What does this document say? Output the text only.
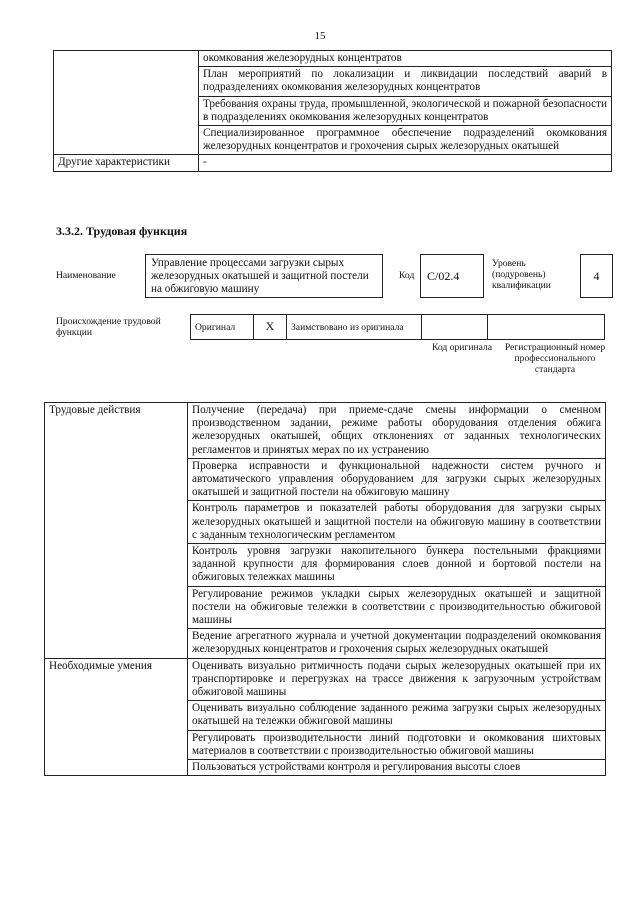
15
	окомкования железорудных концентратов
	План мероприятий по локализации и ликвидации последствий аварий в подразделениях окомкования железорудных концентратов
	Требования охраны труда, промышленной, экологической и пожарной безопасности в подразделениях окомкования железорудных концентратов
	Специализированное программное обеспечение подразделений окомкования железорудных концентратов и грохочения сырых железорудных окатышей
Другие характеристики	-
3.3.2. Трудовая функция
Наименование
Управление процессами загрузки сырых железорудных окатышей и защитной постели на обжиговую машину
Код	C/02.4
Уровень (подуровень) квалификации
4
Происхождение трудовой функции	Оригинал	X	Заимствовано из оригинала		
Код оригинала	Регистрационный номер профессионального стандарта
Трудовые действия	Получение (передача) при приеме-сдаче смены информации о сменном производственном задании, режиме работы оборудования отделения обжига железорудных окатышей, общих отклонениях от заданных технологических регламентов и принятых мерах по их устранению
	Проверка исправности и функциональной надежности систем ручного и автоматического управления оборудованием для загрузки сырых железорудных окатышей и защитной постели на обжиговую машину
	Контроль параметров и показателей работы оборудования для загрузки сырых железорудных окатышей и защитной постели на обжиговую машину в соответствии с заданным технологическим регламентом
	Контроль уровня загрузки накопительного бункера постельными фракциями заданной крупности для формирования слоев донной и бортовой постели на обжиговых тележках машины
	Регулирование режимов укладки сырых железорудных окатышей и защитной постели на обжиговые тележки в соответствии с производительностью обжиговой машины
	Ведение агрегатного журнала и учетной документации подразделений окомкования железорудных концентратов и грохочения сырых железорудных окатышей
Необходимые умения	Оценивать визуально ритмичность подачи сырых железорудных окатышей при их транспортировке и перегрузках на трассе движения к загрузочным устройствам обжиговой машины
	Оценивать визуально соблюдение заданного режима загрузки сырых железорудных окатышей на тележки обжиговой машины
	Регулировать производительности линий подготовки и окомкования шихтовых материалов в соответствии с производительностью обжиговой машины
	Пользоваться устройствами контроля и регулирования высоты слоев
